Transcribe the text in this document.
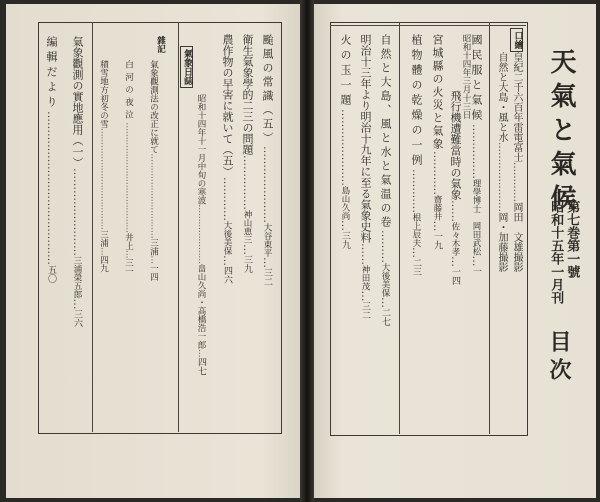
天氣と氣候
第七巻第一號
昭和十五年一月刊
目次
口繪
皇紀二千六百年雷電富士…………岡田　文雄撮影
自然と大島・風と水…………………岡・加藤撮影
國民服と氣候……………理學博士　岡田武松…一
昭和十四年三月十三日
飛行機遭難當時の氣象……佐々木孝…一四
宮城縣の火災と氣象…………齋藤井…一九
植物體の乾燥の一例…………根上辰夫…二三
自然と大島、風と水と氣温の卷………大後美保…二七
明治十三年より明治十九年に至る氣象史料……神田茂…三二
火の玉一題…………………島山久尚…三九
颱風の常識（五）…………………大谷東平…三二
衛生氣象學的二三の問題……………神山恵三…三九
農作物の早害に就いて（五）…………大後美保…四六
昭和十四年十一月中旬の寒波…………………畠山久尚・高橋浩一郎…四七
氣象日誌
雜記
氣象觀測法の改正に就て…………………………三浦…一四
白河の夜泣…………………………………井上…三一
積雪地方初冬の雪………………………………三浦…四九
氣象觀測の實地應用（一）……………………三浦榮五郎…三六
編輯だより……………………………………五〇
